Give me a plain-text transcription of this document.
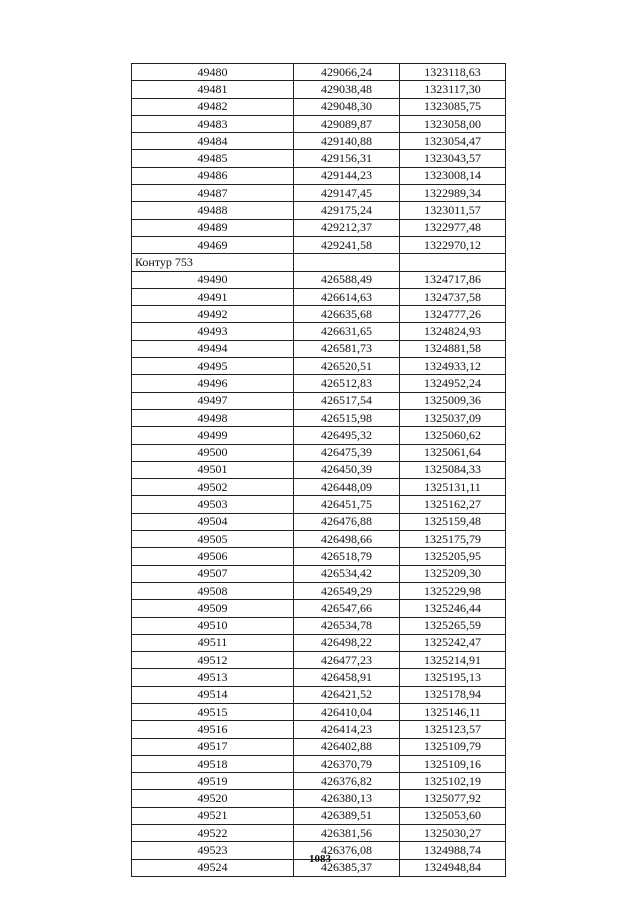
49480	429066,24	1323118,63
49481	429038,48	1323117,30
49482	429048,30	1323085,75
49483	429089,87	1323058,00
49484	429140,88	1323054,47
49485	429156,31	1323043,57
49486	429144,23	1323008,14
49487	429147,45	1322989,34
49488	429175,24	1323011,57
49489	429212,37	1322977,48
49469	429241,58	1322970,12
Контур 753		
49490	426588,49	1324717,86
49491	426614,63	1324737,58
49492	426635,68	1324777,26
49493	426631,65	1324824,93
49494	426581,73	1324881,58
49495	426520,51	1324933,12
49496	426512,83	1324952,24
49497	426517,54	1325009,36
49498	426515,98	1325037,09
49499	426495,32	1325060,62
49500	426475,39	1325061,64
49501	426450,39	1325084,33
49502	426448,09	1325131,11
49503	426451,75	1325162,27
49504	426476,88	1325159,48
49505	426498,66	1325175,79
49506	426518,79	1325205,95
49507	426534,42	1325209,30
49508	426549,29	1325229,98
49509	426547,66	1325246,44
49510	426534,78	1325265,59
49511	426498,22	1325242,47
49512	426477,23	1325214,91
49513	426458,91	1325195,13
49514	426421,52	1325178,94
49515	426410,04	1325146,11
49516	426414,23	1325123,57
49517	426402,88	1325109,79
49518	426370,79	1325109,16
49519	426376,82	1325102,19
49520	426380,13	1325077,92
49521	426389,51	1325053,60
49522	426381,56	1325030,27
49523	426376,08	1324988,74
49524	426385,37	1324948,84
1083
